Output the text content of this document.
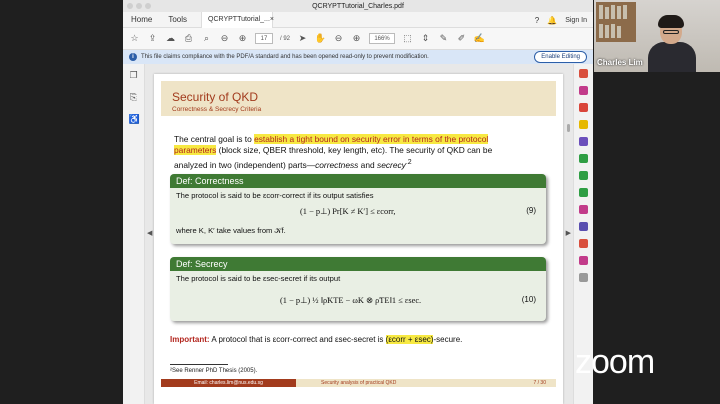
QCRYPTTutorial_Charles.pdf
Home	Tools	QCRYPTTutorial_... ×	? 🔔 Sign In
☆ ⇪ ☁ ⎙	⌕	⊖ ⊕	17	/ 92 ➤ ✋ ⊖ ⊕	166%	⬚ ⇕ ✎ ✐ ✍
i	This file claims compliance with the PDF/A standard and has been opened read-only to prevent modification.	Enable Editing
❐
⎘
♿
◀	▶
Security of QKD
Correctness & Secrecy Criteria
The central goal is to establish a tight bound on security error in terms of the protocol parameters (block size, QBER threshold, key length, etc). The security of QKD can be analyzed in two (independent) parts—correctness and secrecy$^{.2}$
Def: Correctness
The protocol is said to be εcorr-correct if its output satisfies
(1 − p⊥) Pr[K ≠ K′] ≤ εcorr,	(9)
where K, K′ take values from 𝒦f.
Def: Secrecy
The protocol is said to be εsec-secret if its output
(1 − p⊥) ½ ‖ρ̃KTE − ωK ⊗ ρ̃TE‖1 ≤ εsec.	(10)
Important: A protocol that is εcorr-correct and εsec-secret is (εcorr + εsec)-secure.
²See Renner PhD Thesis (2005).
Email: charles.lim@nus.edu.sg	Security analysis of practical QKD	7 / 30
Charles Lim
zoom
